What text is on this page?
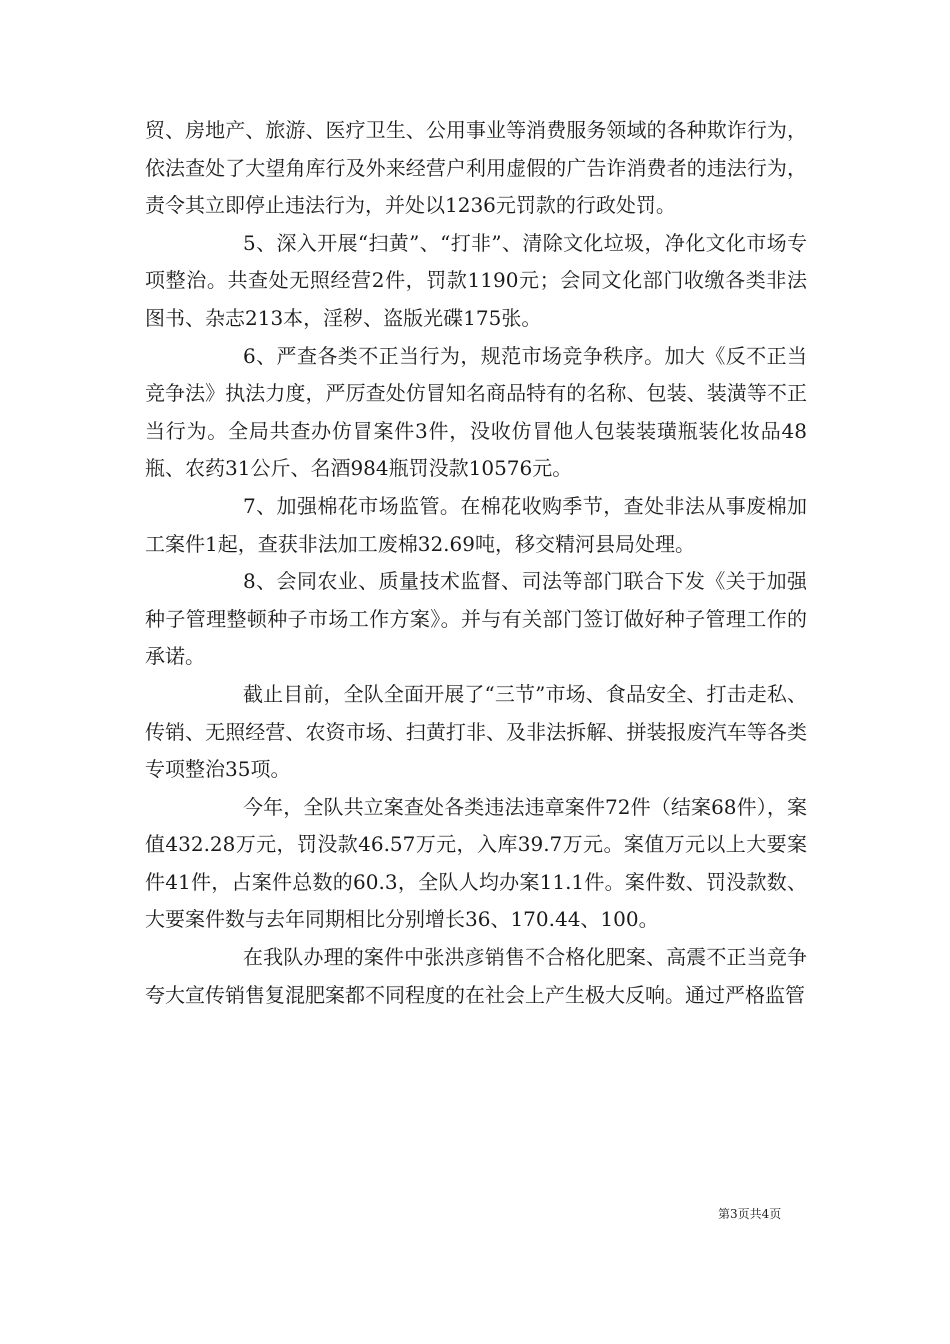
贸、房地产、旅游、医疗卫生、公用事业等消费服务领域的各种欺诈行为，依法查处了大望角库行及外来经营户利用虚假的广告诈消费者的违法行为，责令其立即停止违法行为，并处以1236元罚款的行政处罚。

5、深入开展“扫黄”、“打非”、清除文化垃圾，净化文化市场专项整治。共查处无照经营2件，罚款1190元；会同文化部门收缴各类非法图书、杂志213本，淫秽、盗版光碟175张。

6、严查各类不正当行为，规范市场竞争秩序。加大《反不正当竞争法》执法力度，严厉查处仿冒知名商品特有的名称、包装、装潢等不正当行为。全局共查办仿冒案件3件，没收仿冒他人包装装璜瓶装化妆品48瓶、农药31公斤、名酒984瓶罚没款10576元。

7、加强棉花市场监管。在棉花收购季节，查处非法从事废棉加工案件1起，查获非法加工废棉32.69吨，移交精河县局处理。

8、会同农业、质量技术监督、司法等部门联合下发《关于加强种子管理整顿种子市场工作方案》。并与有关部门签订做好种子管理工作的承诺。

截止目前，全队全面开展了“三节”市场、食品安全、打击走私、传销、无照经营、农资市场、扫黄打非、及非法拆解、拼装报废汽车等各类专项整治35项。

今年，全队共立案查处各类违法违章案件72件（结案68件），案值432.28万元，罚没款46.57万元，入库39.7万元。案值万元以上大要案件41件，占案件总数的60.3，全队人均办案11.1件。案件数、罚没款数、大要案件数与去年同期相比分别增长36、170.44、100。

在我队办理的案件中张洪彦销售不合格化肥案、高震不正当竞争夸大宣传销售复混肥案都不同程度的在社会上产生极大反响。通过严格监管

第3页共4页
